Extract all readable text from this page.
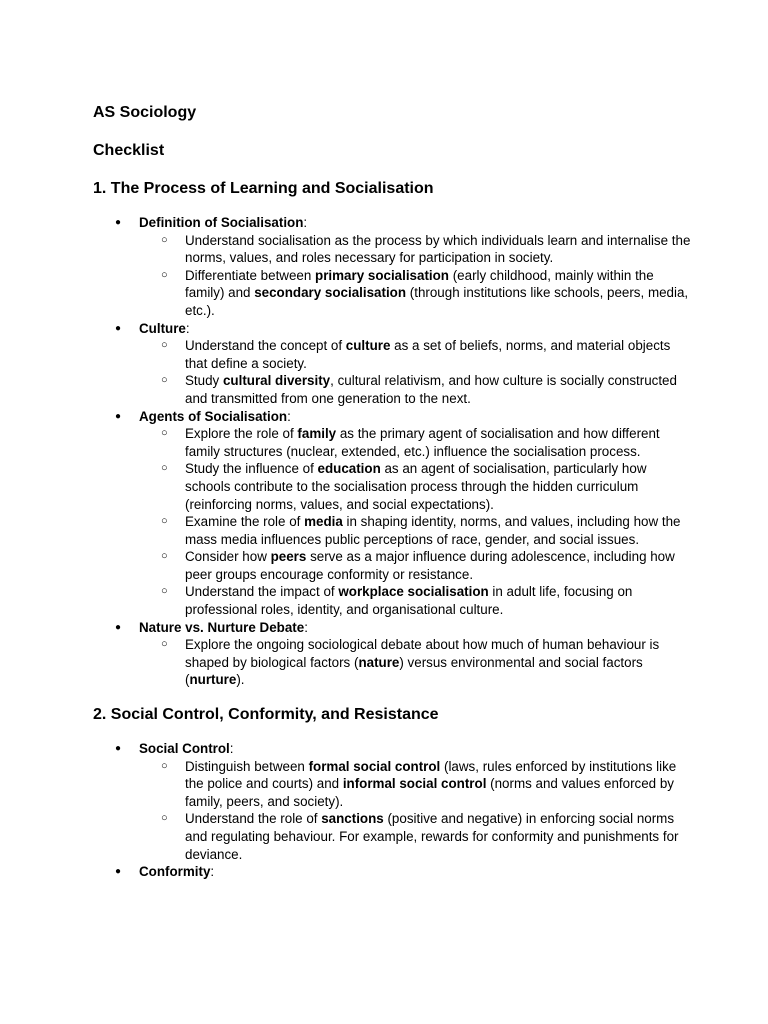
AS Sociology
Checklist
1. The Process of Learning and Socialisation
● Definition of Socialisation:
○ Understand socialisation as the process by which individuals learn and internalise the norms, values, and roles necessary for participation in society.
○ Differentiate between primary socialisation (early childhood, mainly within the family) and secondary socialisation (through institutions like schools, peers, media, etc.).
● Culture:
○ Understand the concept of culture as a set of beliefs, norms, and material objects that define a society.
○ Study cultural diversity, cultural relativism, and how culture is socially constructed and transmitted from one generation to the next.
● Agents of Socialisation:
○ Explore the role of family as the primary agent of socialisation and how different family structures (nuclear, extended, etc.) influence the socialisation process.
○ Study the influence of education as an agent of socialisation, particularly how schools contribute to the socialisation process through the hidden curriculum (reinforcing norms, values, and social expectations).
○ Examine the role of media in shaping identity, norms, and values, including how the mass media influences public perceptions of race, gender, and social issues.
○ Consider how peers serve as a major influence during adolescence, including how peer groups encourage conformity or resistance.
○ Understand the impact of workplace socialisation in adult life, focusing on professional roles, identity, and organisational culture.
● Nature vs. Nurture Debate:
○ Explore the ongoing sociological debate about how much of human behaviour is shaped by biological factors (nature) versus environmental and social factors (nurture).
2. Social Control, Conformity, and Resistance
● Social Control:
○ Distinguish between formal social control (laws, rules enforced by institutions like the police and courts) and informal social control (norms and values enforced by family, peers, and society).
○ Understand the role of sanctions (positive and negative) in enforcing social norms and regulating behaviour. For example, rewards for conformity and punishments for deviance.
● Conformity:
